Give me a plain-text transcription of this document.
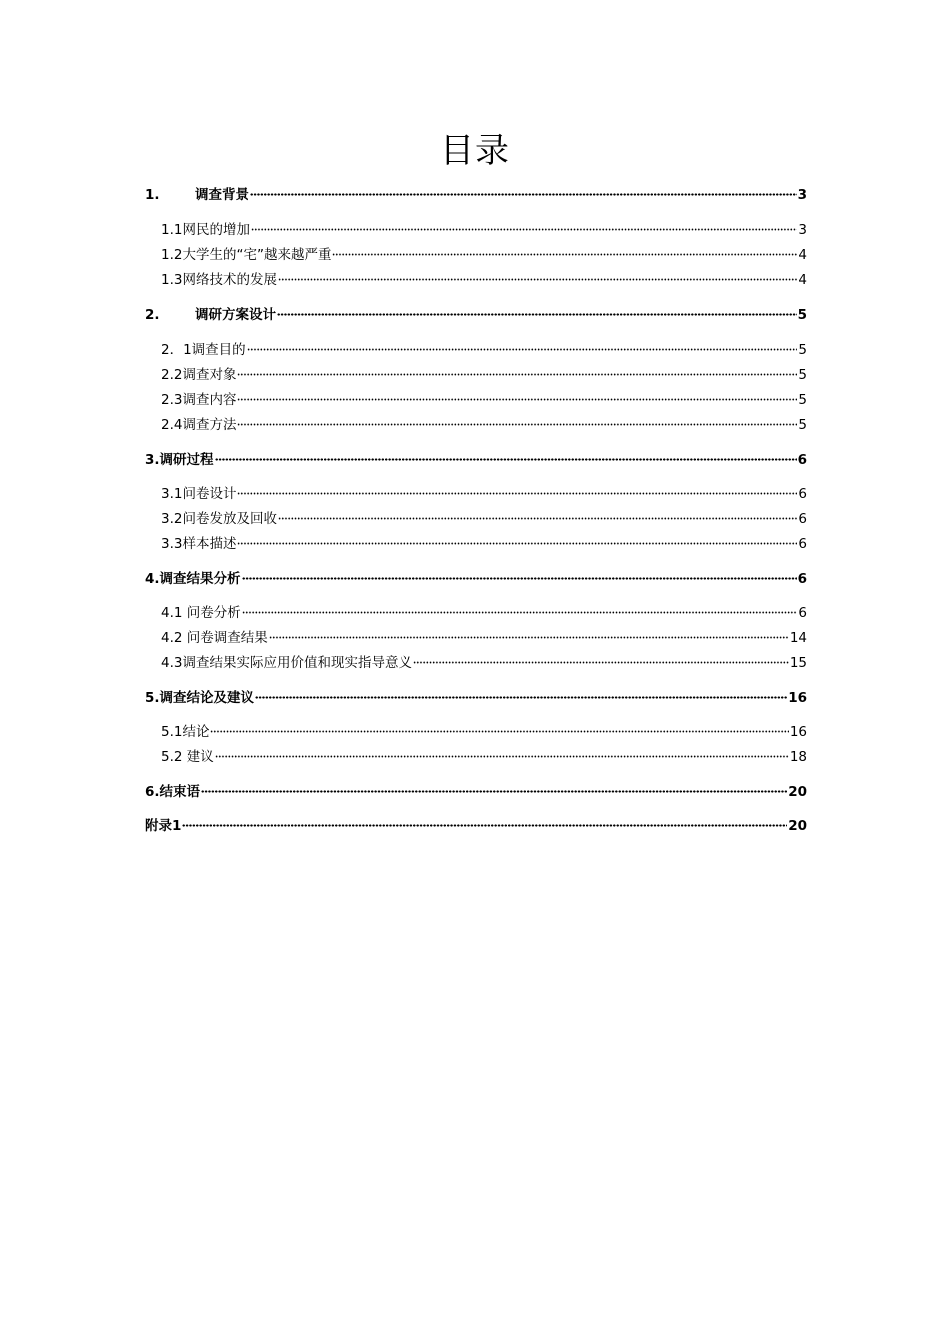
目录
1.	调查背景	3
1.1网民的增加	3
1.2大学生的“宅”越来越严重	4
1.3网络技术的发展	4
2.	调研方案设计	5
2．1调查目的	5
2.2调查对象	5
2.3调查内容	5
2.4调查方法	5
3.调研过程	6
3.1问卷设计	6
3.2问卷发放及回收	6
3.3样本描述	6
4.调查结果分析	6
4.1 问卷分析	6
4.2 问卷调查结果	14
4.3调查结果实际应用价值和现实指导意义	15
5.调查结论及建议	16
5.1结论	16
5.2 建议	18
6.结束语	20
附录1	20
